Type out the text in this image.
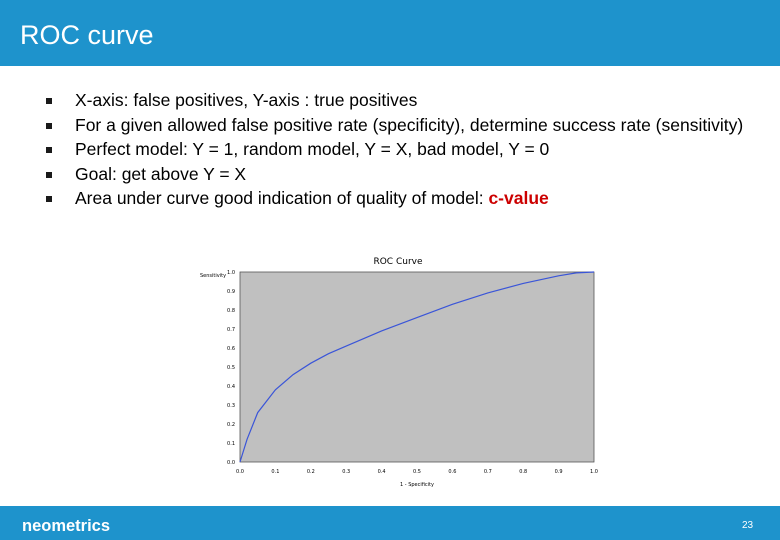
ROC curve
X-axis: false positives, Y-axis : true positives
For a given allowed false positive rate (specificity), determine success rate (sensitivity)
Perfect model: Y = 1, random model, Y = X, bad model, Y = 0
Goal: get above Y = X
Area under curve good indication of quality of model: c-value
ROC Curve
Sensitivity
1 - Specificity
0.0
0.1
0.2
0.3
0.4
0.5
0.6
0.7
0.8
0.9
1.0
0.0	0.1	0.2	0.3	0.4	0.5	0.6	0.7	0.8	0.9	1.0
neometrics	23
